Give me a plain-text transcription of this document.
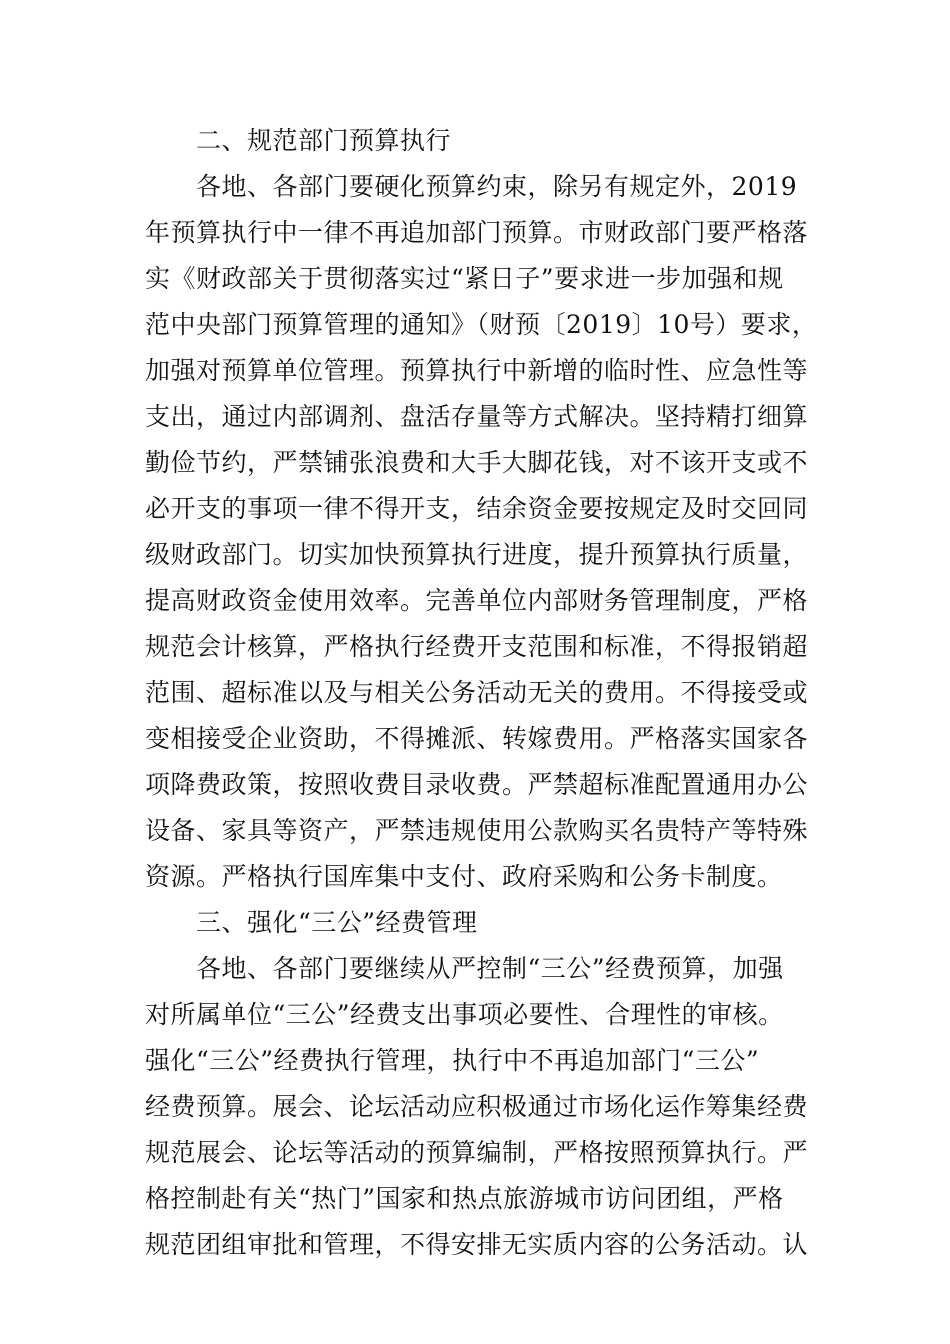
二、规范部门预算执行
各地、各部门要硬化预算约束，除另有规定外，2019
年预算执行中一律不再追加部门预算。市财政部门要严格落
实《财政部关于贯彻落实过“紧日子”要求进一步加强和规
范中央部门预算管理的通知》（财预〔2019〕10号）要求，
加强对预算单位管理。预算执行中新增的临时性、应急性等
支出，通过内部调剂、盘活存量等方式解决。坚持精打细算
勤俭节约，严禁铺张浪费和大手大脚花钱，对不该开支或不
必开支的事项一律不得开支，结余资金要按规定及时交回同
级财政部门。切实加快预算执行进度，提升预算执行质量，
提高财政资金使用效率。完善单位内部财务管理制度，严格
规范会计核算，严格执行经费开支范围和标准，不得报销超
范围、超标准以及与相关公务活动无关的费用。不得接受或
变相接受企业资助，不得摊派、转嫁费用。严格落实国家各
项降费政策，按照收费目录收费。严禁超标准配置通用办公
设备、家具等资产，严禁违规使用公款购买名贵特产等特殊
资源。严格执行国库集中支付、政府采购和公务卡制度。
三、强化“三公”经费管理
各地、各部门要继续从严控制“三公”经费预算，加强
对所属单位“三公”经费支出事项必要性、合理性的审核。
强化“三公”经费执行管理，执行中不再追加部门“三公”
经费预算。展会、论坛活动应积极通过市场化运作筹集经费
规范展会、论坛等活动的预算编制，严格按照预算执行。严
格控制赴有关“热门”国家和热点旅游城市访问团组，严格
规范团组审批和管理，不得安排无实质内容的公务活动。认
